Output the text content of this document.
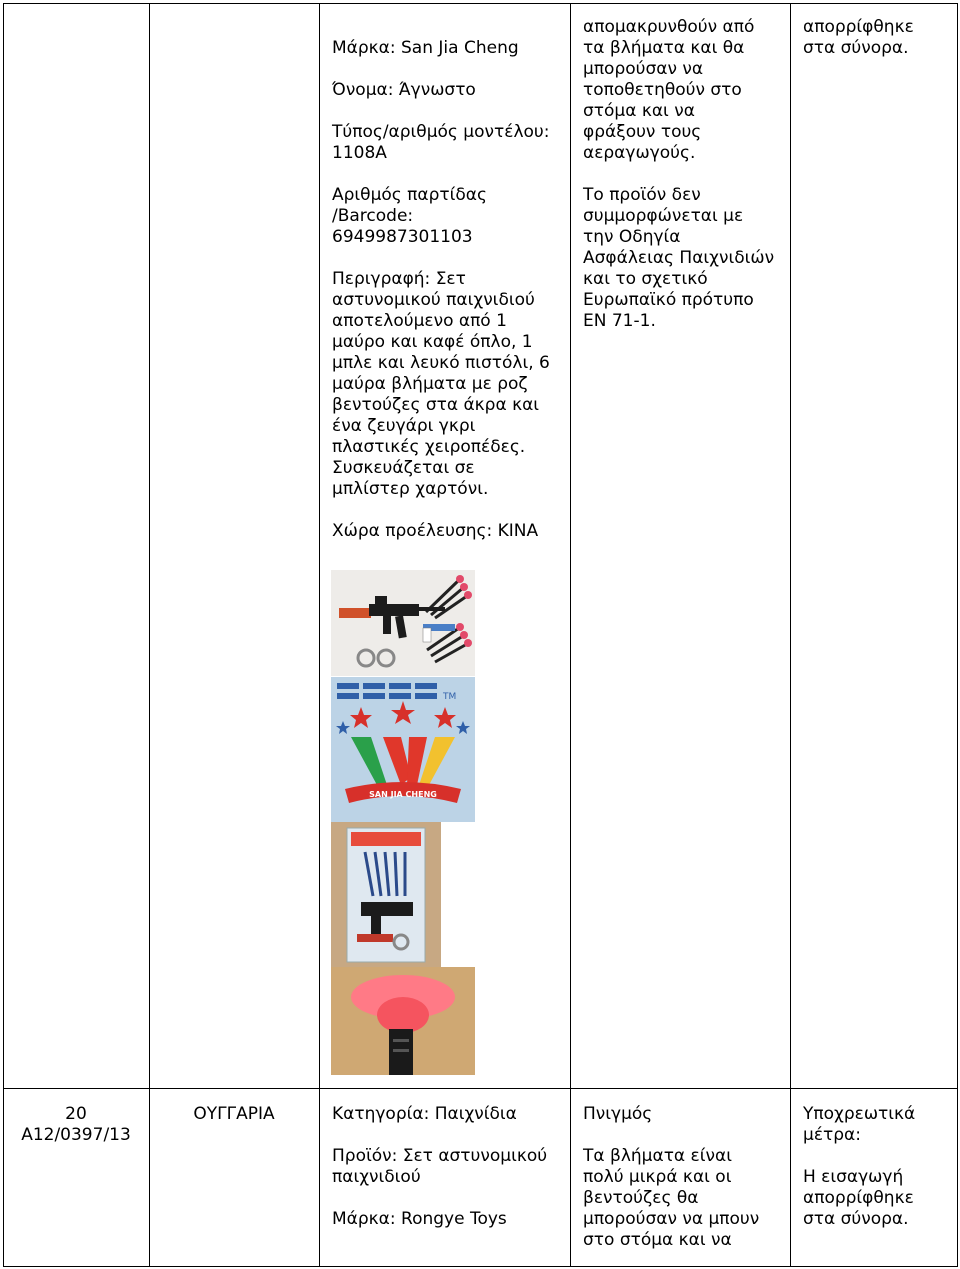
Μάρκα: San Jia Cheng

Όνομα: Άγνωστο

Τύπος/αριθμός μοντέλου:
1108A

Αριθμός παρτίδας
/Barcode:
6949987301103

Περιγραφή: Σετ
αστυνομικού παιχνιδιού
αποτελούμενο από 1
μαύρο και καφέ όπλο, 1
μπλε και λευκό πιστόλι, 6
μαύρα βλήματα με ροζ
βεντούζες στα άκρα και
ένα ζευγάρι γκρι
πλαστικές χειροπέδες.
Συσκευάζεται σε
μπλίστερ χαρτόνι.

Χώρα προέλευσης: ΚΙΝΑ

TM
SAN JIA CHENG

απομακρυνθούν από
τα βλήματα και θα
μπορούσαν να
τοποθετηθούν στο
στόμα και να
φράξουν τους
αεραγωγούς.

Το προϊόν δεν
συμμορφώνεται με
την Οδηγία
Ασφάλειας Παιχνιδιών
και το σχετικό
Ευρωπαϊκό πρότυπο
EN 71-1.

απορρίφθηκε
στα σύνορα.

20
A12/0397/13
ΟΥΓΓΑΡΙΑ	Κατηγορία: Παιχνίδια

Προϊόν: Σετ αστυνομικού
παιχνιδιού

Μάρκα: Rongye Toys

Πνιγμός

Τα βλήματα είναι
πολύ μικρά και οι
βεντούζες θα
μπορούσαν να μπουν
στο στόμα και να

Υποχρεωτικά
μέτρα:

Η εισαγωγή
απορρίφθηκε
στα σύνορα.
